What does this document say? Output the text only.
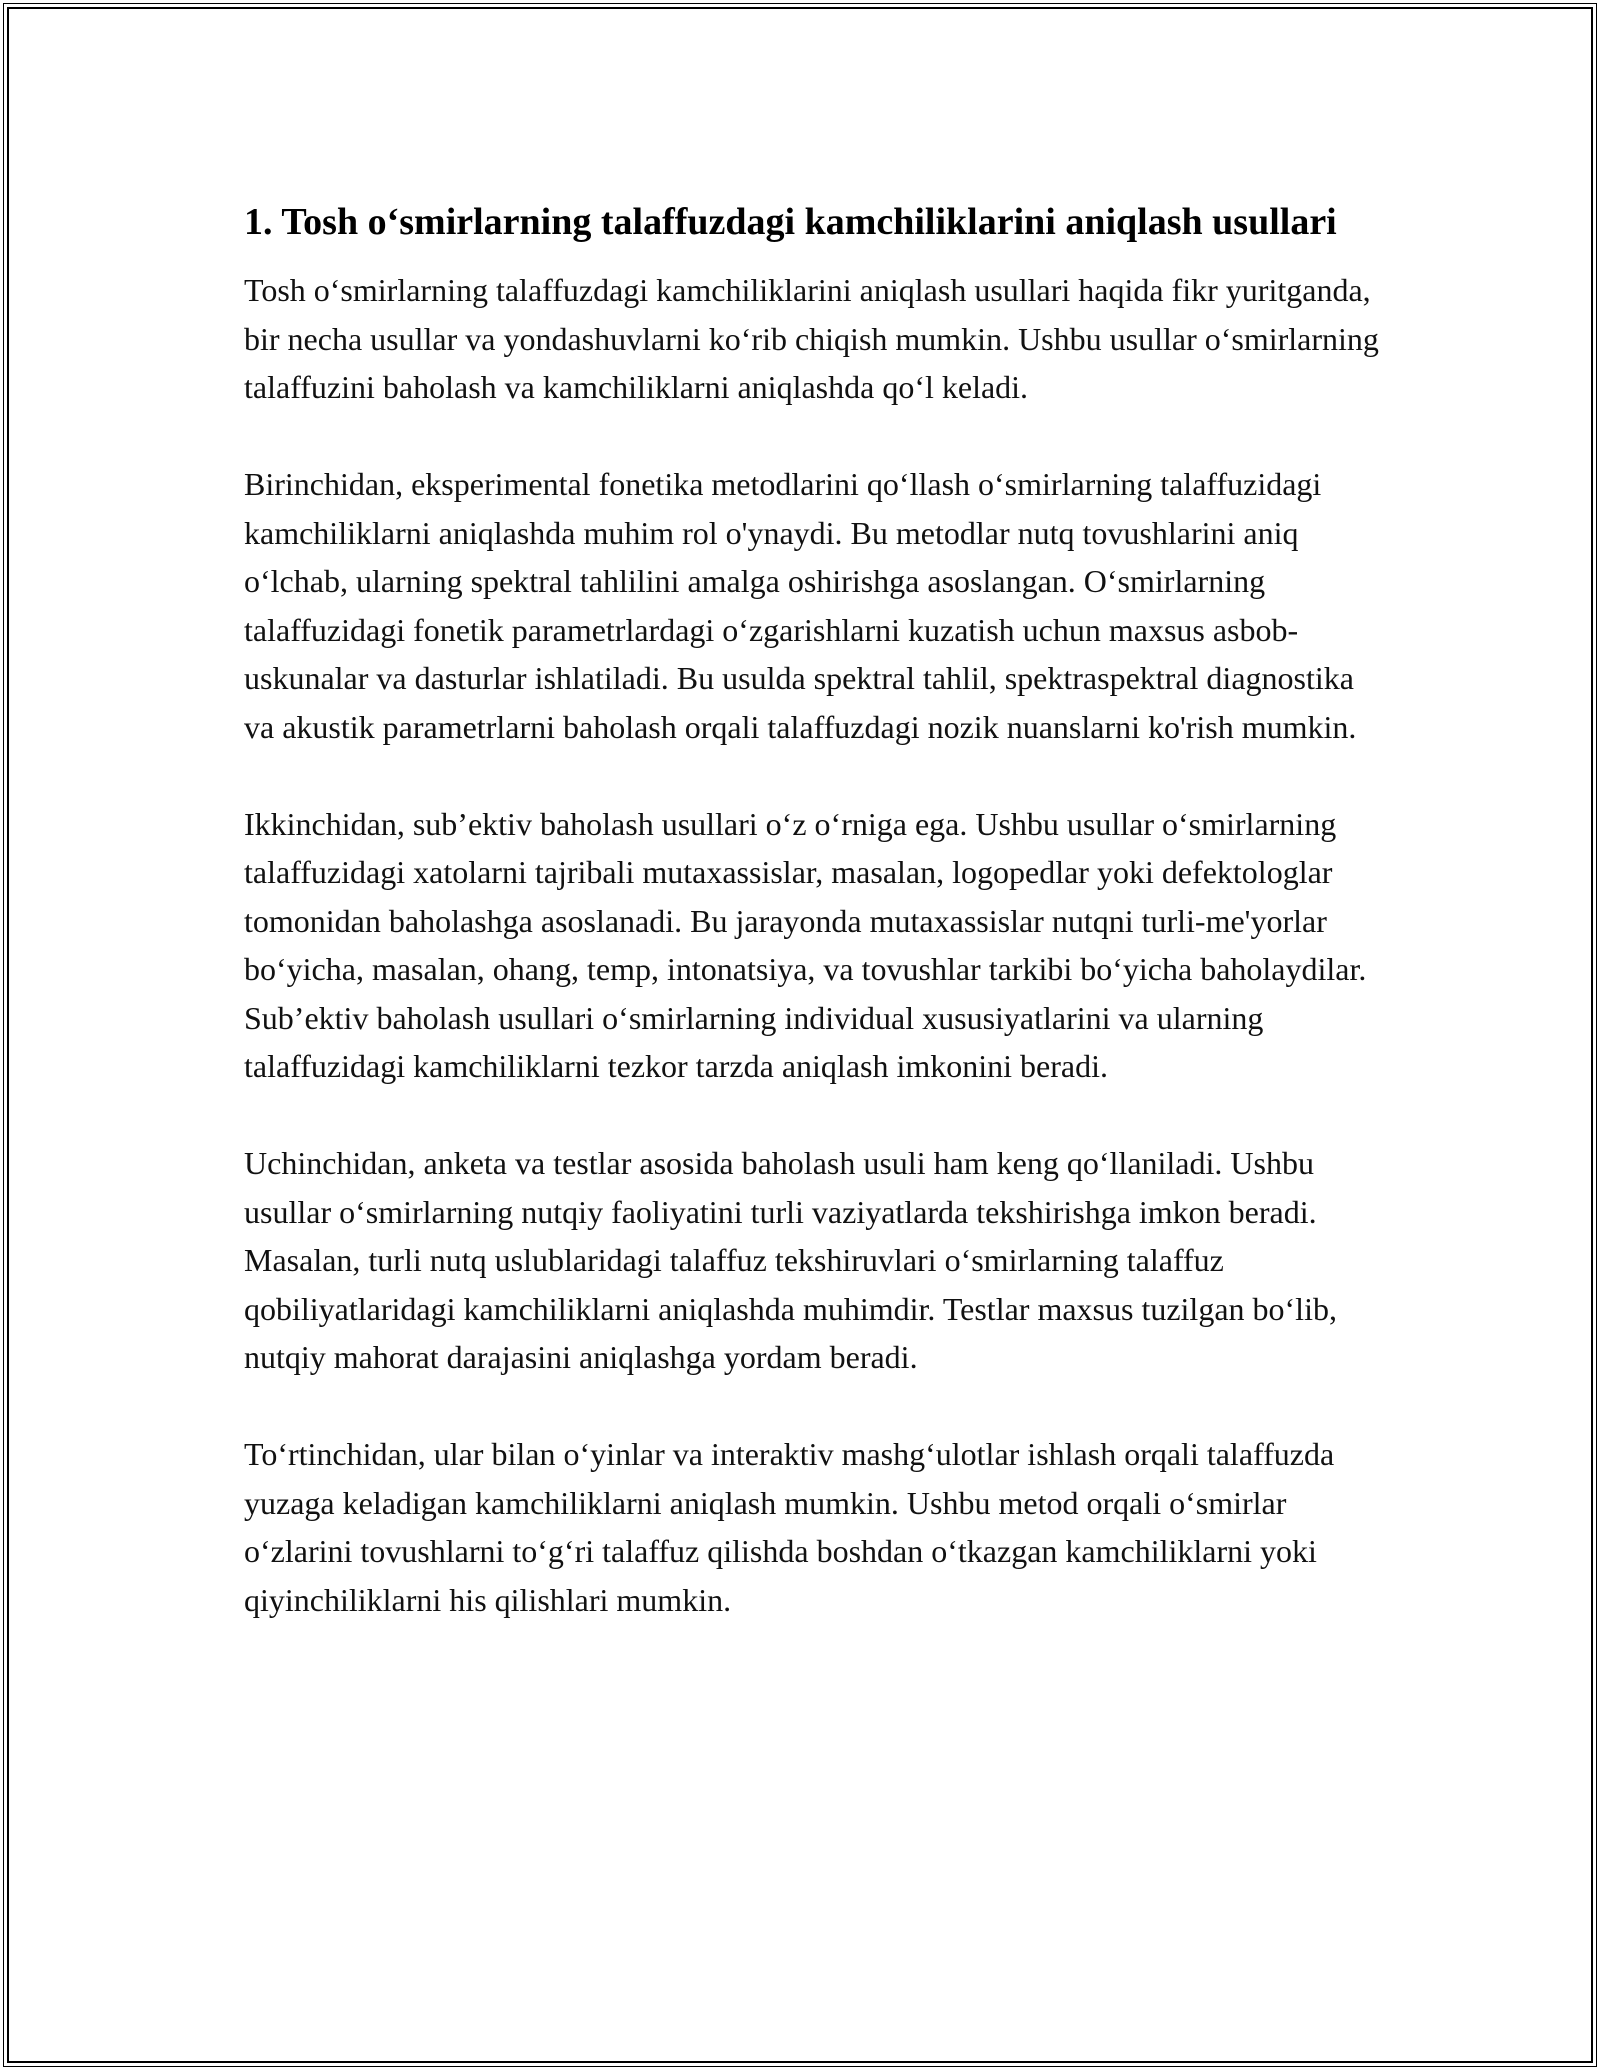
1. Tosh o‘smirlarning talaffuzdagi kamchiliklarini aniqlash usullari

Tosh o‘smirlarning talaffuzdagi kamchiliklarini aniqlash usullari haqida fikr yuritganda, bir necha usullar va yondashuvlarni ko‘rib chiqish mumkin. Ushbu usullar o‘smirlarning talaffuzini baholash va kamchiliklarni aniqlashda qo‘l keladi.

Birinchidan, eksperimental fonetika metodlarini qo‘llash o‘smirlarning talaffuzidagi kamchiliklarni aniqlashda muhim rol o'ynaydi. Bu metodlar nutq tovushlarini aniq o‘lchab, ularning spektral tahlilini amalga oshirishga asoslangan. O‘smirlarning talaffuzidagi fonetik parametrlardagi o‘zgarishlarni kuzatish uchun maxsus asbob-uskunalar va dasturlar ishlatiladi. Bu usulda spektral tahlil, spektraspektral diagnostika va akustik parametrlarni baholash orqali talaffuzdagi nozik nuanslarni ko'rish mumkin.

Ikkinchidan, sub’ektiv baholash usullari o‘z o‘rniga ega. Ushbu usullar o‘smirlarning talaffuzidagi xatolarni tajribali mutaxassislar, masalan, logopedlar yoki defektologlar tomonidan baholashga asoslanadi. Bu jarayonda mutaxassislar nutqni turli-me'yorlar bo‘yicha, masalan, ohang, temp, intonatsiya, va tovushlar tarkibi bo‘yicha baholaydilar. Sub’ektiv baholash usullari o‘smirlarning individual xususiyatlarini va ularning talaffuzidagi kamchiliklarni tezkor tarzda aniqlash imkonini beradi.

Uchinchidan, anketa va testlar asosida baholash usuli ham keng qo‘llaniladi. Ushbu usullar o‘smirlarning nutqiy faoliyatini turli vaziyatlarda tekshirishga imkon beradi. Masalan, turli nutq uslublaridagi talaffuz tekshiruvlari o‘smirlarning talaffuz qobiliyatlaridagi kamchiliklarni aniqlashda muhimdir. Testlar maxsus tuzilgan bo‘lib, nutqiy mahorat darajasini aniqlashga yordam beradi.

To‘rtinchidan, ular bilan o‘yinlar va interaktiv mashg‘ulotlar ishlash orqali talaffuzda yuzaga keladigan kamchiliklarni aniqlash mumkin. Ushbu metod orqali o‘smirlar o‘zlarini tovushlarni to‘g‘ri talaffuz qilishda boshdan o‘tkazgan kamchiliklarni yoki qiyinchiliklarni his qilishlari mumkin.
